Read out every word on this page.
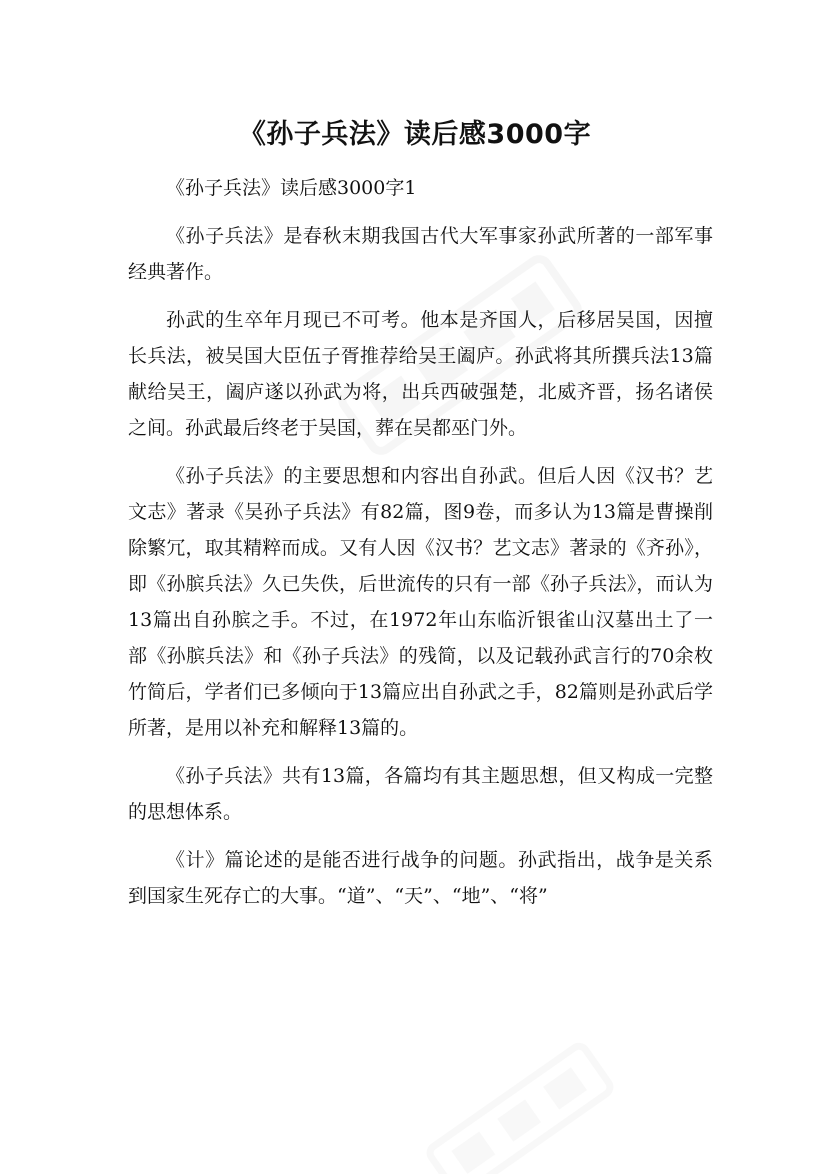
《孙子兵法》读后感3000字

《孙子兵法》读后感3000字1

《孙子兵法》是春秋末期我国古代大军事家孙武所著的一部军事经典著作。

孙武的生卒年月现已不可考。他本是齐国人，后移居吴国，因擅长兵法，被吴国大臣伍子胥推荐给吴王阖庐。孙武将其所撰兵法13篇献给吴王，阖庐遂以孙武为将，出兵西破强楚，北威齐晋，扬名诸侯之间。孙武最后终老于吴国，葬在吴都巫门外。

《孙子兵法》的主要思想和内容出自孙武。但后人因《汉书？艺文志》著录《吴孙子兵法》有82篇，图9卷，而多认为13篇是曹操削除繁冗，取其精粹而成。又有人因《汉书？艺文志》著录的《齐孙》，即《孙膑兵法》久已失佚，后世流传的只有一部《孙子兵法》，而认为13篇出自孙膑之手。不过，在1972年山东临沂银雀山汉墓出土了一部《孙膑兵法》和《孙子兵法》的残简，以及记载孙武言行的70余枚竹简后，学者们已多倾向于13篇应出自孙武之手，82篇则是孙武后学所著，是用以补充和解释13篇的。

《孙子兵法》共有13篇，各篇均有其主题思想，但又构成一完整的思想体系。

《计》篇论述的是能否进行战争的问题。孙武指出，战争是关系到国家生死存亡的大事。“道”、“天”、“地”、“将”
